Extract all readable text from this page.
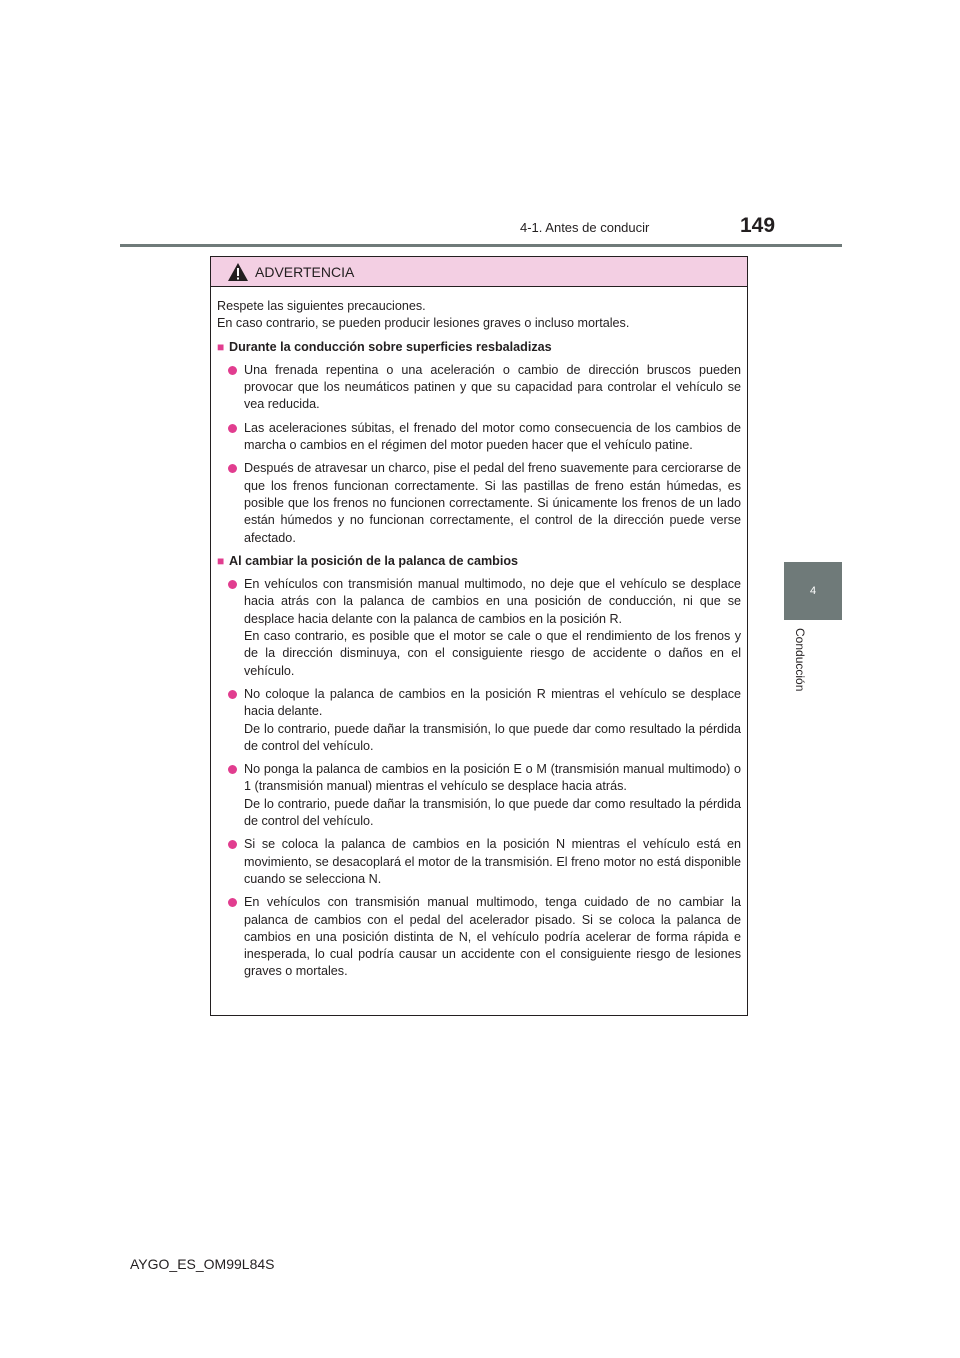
4-1. Antes de conducir	149
4
Conducción
ADVERTENCIA

Respete las siguientes precauciones.

En caso contrario, se pueden producir lesiones graves o incluso mortales.

■ Durante la conducción sobre superficies resbaladizas

Una frenada repentina o una aceleración o cambio de dirección bruscos pueden provocar que los neumáticos patinen y que su capacidad para controlar el vehículo se vea reducida.

Las aceleraciones súbitas, el frenado del motor como consecuencia de los cambios de marcha o cambios en el régimen del motor pueden hacer que el vehículo patine.

Después de atravesar un charco, pise el pedal del freno suavemente para cerciorarse de que los frenos funcionan correctamente. Si las pastillas de freno están húmedas, es posible que los frenos no funcionen correctamente. Si únicamente los frenos de un lado están húmedos y no funcionan correctamente, el control de la dirección puede verse afectado.

■ Al cambiar la posición de la palanca de cambios

En vehículos con transmisión manual multimodo, no deje que el vehículo se desplace hacia atrás con la palanca de cambios en una posición de conducción, ni que se desplace hacia delante con la palanca de cambios en la posición R.

En caso contrario, es posible que el motor se cale o que el rendimiento de los frenos y de la dirección disminuya, con el consiguiente riesgo de accidente o daños en el vehículo.

No coloque la palanca de cambios en la posición R mientras el vehículo se desplace hacia delante.

De lo contrario, puede dañar la transmisión, lo que puede dar como resultado la pérdida de control del vehículo.

No ponga la palanca de cambios en la posición E o M (transmisión manual multimodo) o 1 (transmisión manual) mientras el vehículo se desplace hacia atrás.

De lo contrario, puede dañar la transmisión, lo que puede dar como resultado la pérdida de control del vehículo.

Si se coloca la palanca de cambios en la posición N mientras el vehículo está en movimiento, se desacoplará el motor de la transmisión. El freno motor no está disponible cuando se selecciona N.

En vehículos con transmisión manual multimodo, tenga cuidado de no cambiar la palanca de cambios con el pedal del acelerador pisado. Si se coloca la palanca de cambios en una posición distinta de N, el vehículo podría acelerar de forma rápida e inesperada, lo cual podría causar un accidente con el consiguiente riesgo de lesiones graves o mortales.

AYGO_ES_OM99L84S
